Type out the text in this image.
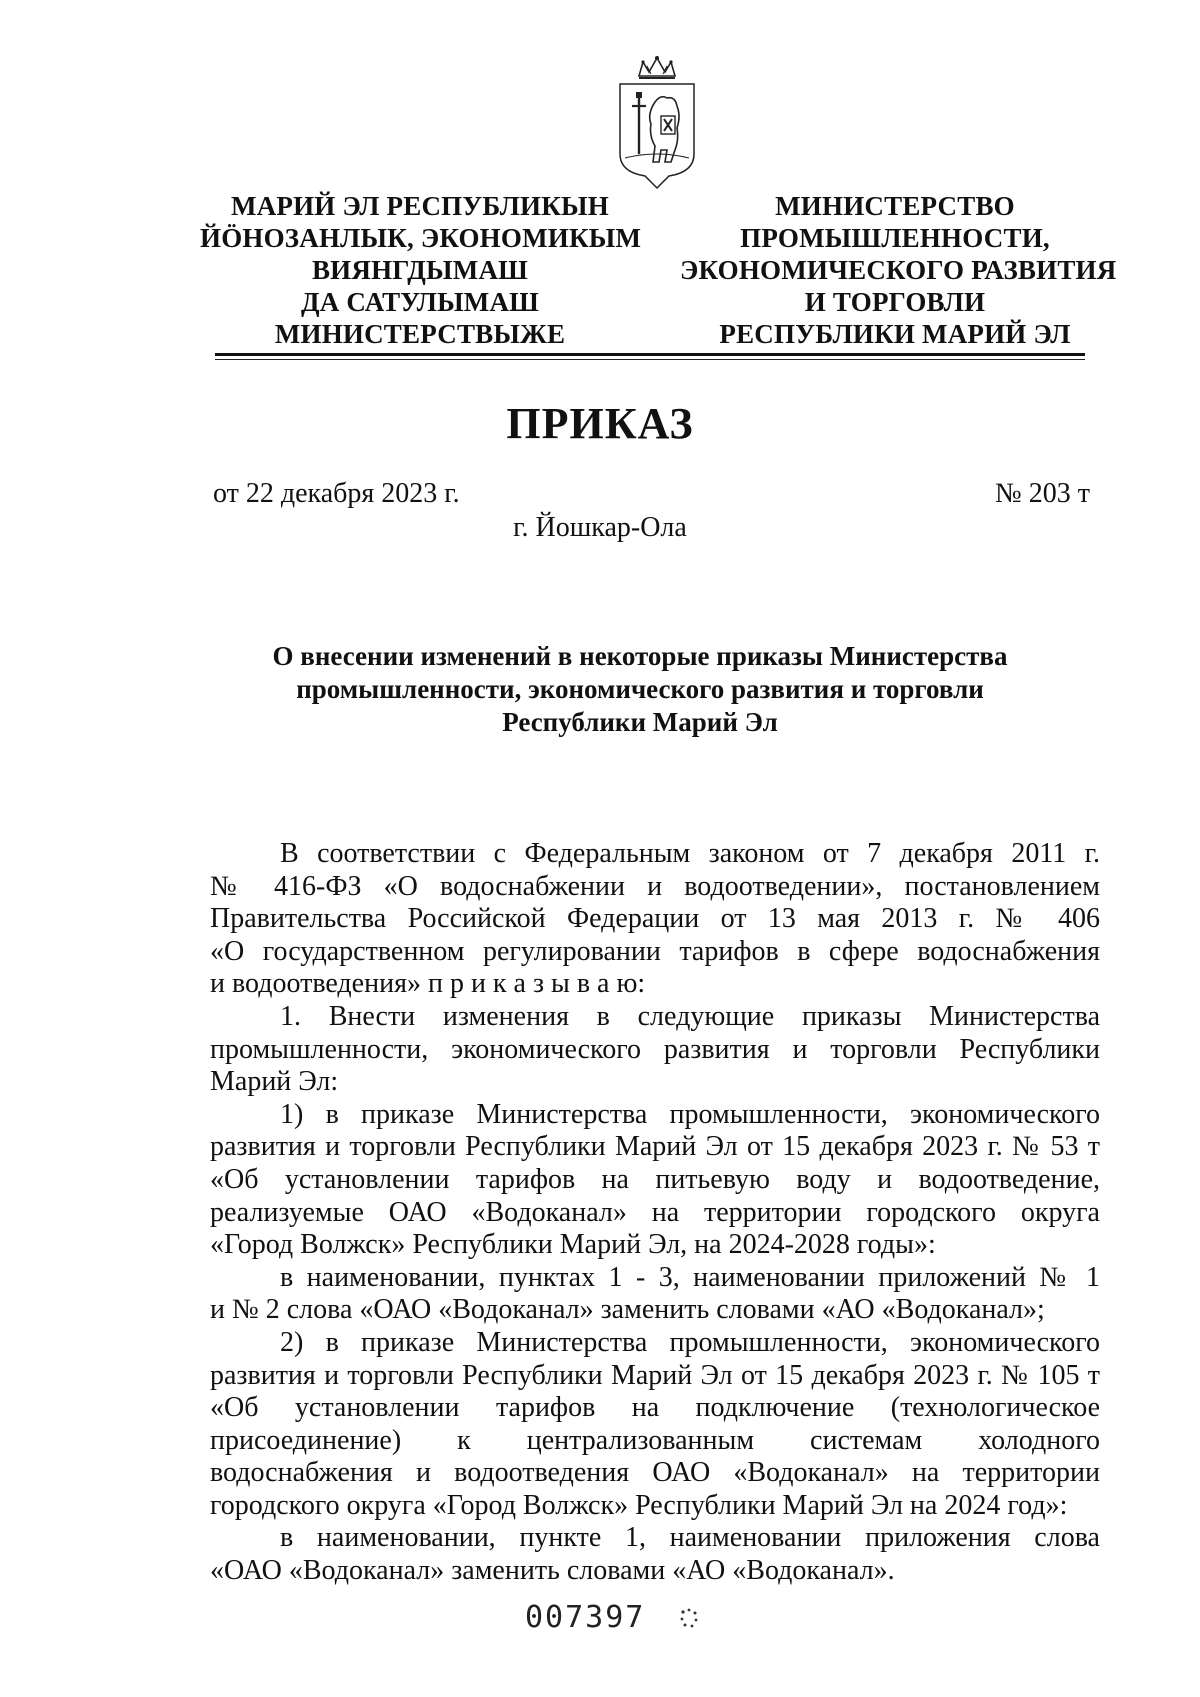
МАРИЙ ЭЛ РЕСПУБЛИКЫН
ЙӦНОЗАНЛЫК, ЭКОНОМИКЫМ
ВИЯНГДЫМАШ
ДА САТУЛЫМАШ
МИНИСТЕРСТВЫЖЕ
МИНИСТЕРСТВО
ПРОМЫШЛЕННОСТИ,
ЭКОНОМИЧЕСКОГО РАЗВИТИЯ
И ТОРГОВЛИ
РЕСПУБЛИКИ МАРИЙ ЭЛ
ПРИКАЗ
от 22 декабря 2023 г.	№ 203 т
г. Йошкар-Ола
О внесении изменений в некоторые приказы Министерства
промышленности, экономического развития и торговли
Республики Марий Эл
В соответствии с Федеральным законом от 7 декабря 2011 г.
№ 416-ФЗ «О водоснабжении и водоотведении», постановлением
Правительства Российской Федерации от 13 мая 2013 г. № 406
«О государственном регулировании тарифов в сфере водоснабжения
и водоотведения» п р и к а з ы в а ю:
1. Внести изменения в следующие приказы Министерства
промышленности, экономического развития и торговли Республики
Марий Эл:
1) в приказе Министерства промышленности, экономического
развития и торговли Республики Марий Эл от 15 декабря 2023 г. № 53 т
«Об установлении тарифов на питьевую воду и водоотведение,
реализуемые ОАО «Водоканал» на территории городского округа
«Город Волжск» Республики Марий Эл, на 2024-2028 годы»:
в наименовании, пунктах 1 - 3, наименовании приложений № 1
и № 2 слова «ОАО «Водоканал» заменить словами «АО «Водоканал»;
2) в приказе Министерства промышленности, экономического
развития и торговли Республики Марий Эл от 15 декабря 2023 г. № 105 т
«Об установлении тарифов на подключение (технологическое
присоединение) к централизованным системам холодного
водоснабжения и водоотведения ОАО «Водоканал» на территории
городского округа «Город Волжск» Республики Марий Эл на 2024 год»:
в наименовании, пункте 1, наименовании приложения слова
«ОАО «Водоканал» заменить словами «АО «Водоканал».
007397
